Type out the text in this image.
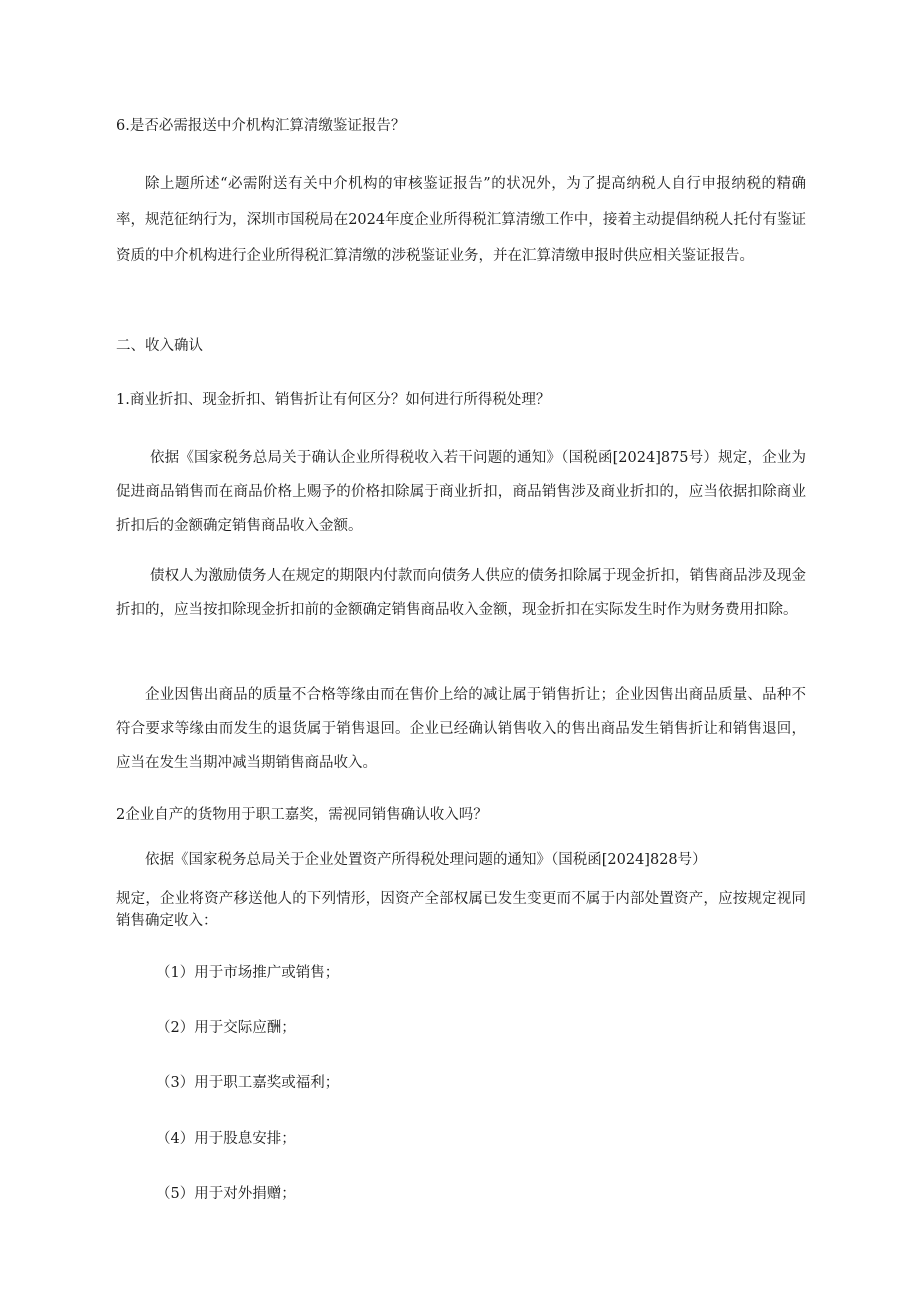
6.是否必需报送中介机构汇算清缴鉴证报告？

除上题所述“必需附送有关中介机构的审核鉴证报告”的状况外，为了提高纳税人自行申报纳税的精确率，规范征纳行为，深圳市国税局在2024年度企业所得税汇算清缴工作中，接着主动提倡纳税人托付有鉴证资质的中介机构进行企业所得税汇算清缴的涉税鉴证业务，并在汇算清缴申报时供应相关鉴证报告。

二、收入确认

1.商业折扣、现金折扣、销售折让有何区分？如何进行所得税处理？

依据《国家税务总局关于确认企业所得税收入若干问题的通知》（国税函[2024]875号）规定，企业为促进商品销售而在商品价格上赐予的价格扣除属于商业折扣，商品销售涉及商业折扣的，应当依据扣除商业折扣后的金额确定销售商品收入金额。
债权人为激励债务人在规定的期限内付款而向债务人供应的债务扣除属于现金折扣，销售商品涉及现金折扣的，应当按扣除现金折扣前的金额确定销售商品收入金额，现金折扣在实际发生时作为财务费用扣除。
企业因售出商品的质量不合格等缘由而在售价上给的减让属于销售折让；企业因售出商品质量、品种不符合要求等缘由而发生的退货属于销售退回。企业已经确认销售收入的售出商品发生销售折让和销售退回，应当在发生当期冲减当期销售商品收入。

2企业自产的货物用于职工嘉奖，需视同销售确认收入吗？

依据《国家税务总局关于企业处置资产所得税处理问题的通知》（国税函[2024]828号）

规定，企业将资产移送他人的下列情形，因资产全部权属已发生变更而不属于内部处置资产，应按规定视同销售确定收入：

（1）用于市场推广或销售；

（2）用于交际应酬；

（3）用于职工嘉奖或福利；

（4）用于股息安排；

（5）用于对外捐赠；
